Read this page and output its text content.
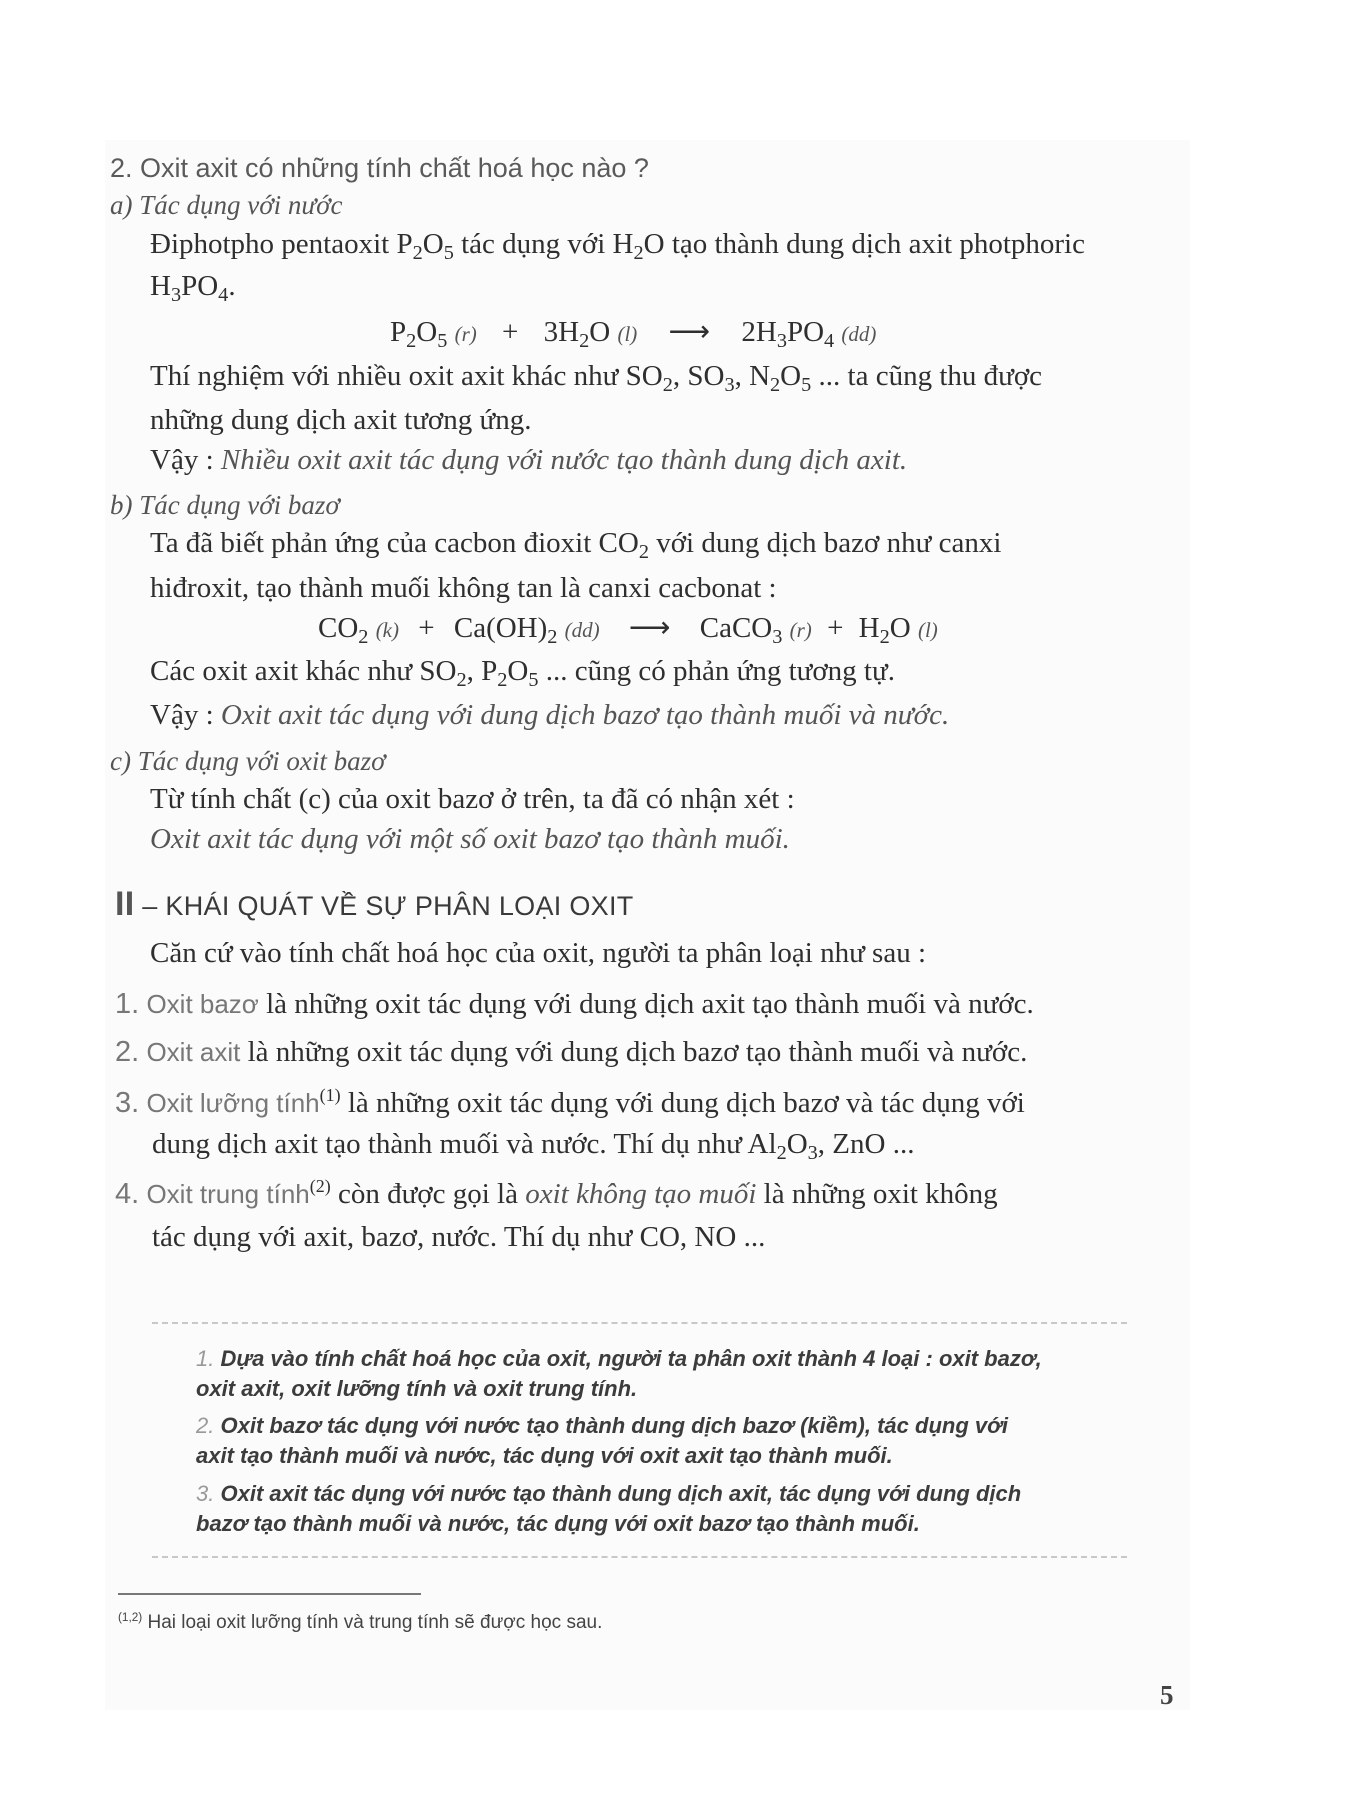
2. Oxit axit có những tính chất hoá học nào ?
a) Tác dụng với nước
Điphotpho pentaoxit $P_2O_5$ tác dụng với $H_2O$ tạo thành dung dịch axit photphoric
$H_3PO_4$.
$P_2O_5$ $(r) + 3H_2O$ (l) ⟶ $2H_3PO_4$ (dd)
Thí nghiệm với nhiều oxit axit khác như $SO_2$, $SO_3$, $N_2O_5$ ... ta cũng thu được
những dung dịch axit tương ứng.
Vậy : Nhiều oxit axit tác dụng với nước tạo thành dung dịch axit.
b) Tác dụng với bazơ
Ta đã biết phản ứng của cacbon đioxit $CO_2$ với dung dịch bazơ như canxi
hiđroxit, tạo thành muối không tan là canxi cacbonat :
$CO_2$ $(k) + Ca(OH)_2$ (dd) ⟶ CaCO$_3$ $(r) + H_2O$ (l)
Các oxit axit khác như $SO_2$, $P_2O_5$ ... cũng có phản ứng tương tự.
Vậy : Oxit axit tác dụng với dung dịch bazơ tạo thành muối và nước.
c) Tác dụng với oxit bazơ
Từ tính chất (c) của oxit bazơ ở trên, ta đã có nhận xét :
Oxit axit tác dụng với một số oxit bazơ tạo thành muối.
II – KHÁI QUÁT VỀ SỰ PHÂN LOẠI OXIT
Căn cứ vào tính chất hoá học của oxit, người ta phân loại như sau :
1. Oxit bazơ là những oxit tác dụng với dung dịch axit tạo thành muối và nước.
2. Oxit axit là những oxit tác dụng với dung dịch bazơ tạo thành muối và nước.
3. Oxit lưỡng tính$^{(1)}$ là những oxit tác dụng với dung dịch bazơ và tác dụng với
dung dịch axit tạo thành muối và nước. Thí dụ như $Al_2O_3$, ZnO ...
4. Oxit trung tính$^{(2)}$ còn được gọi là oxit không tạo muối là những oxit không
tác dụng với axit, bazơ, nước. Thí dụ như CO, NO ...
1. Dựa vào tính chất hoá học của oxit, người ta phân oxit thành 4 loại : oxit bazơ,
oxit axit, oxit lưỡng tính và oxit trung tính.
2. Oxit bazơ tác dụng với nước tạo thành dung dịch bazơ (kiềm), tác dụng với
axit tạo thành muối và nước, tác dụng với oxit axit tạo thành muối.
3. Oxit axit tác dụng với nước tạo thành dung dịch axit, tác dụng với dung dịch
bazơ tạo thành muối và nước, tác dụng với oxit bazơ tạo thành muối.
$^{(1,2)}$ Hai loại oxit lưỡng tính và trung tính sẽ được học sau.
5
